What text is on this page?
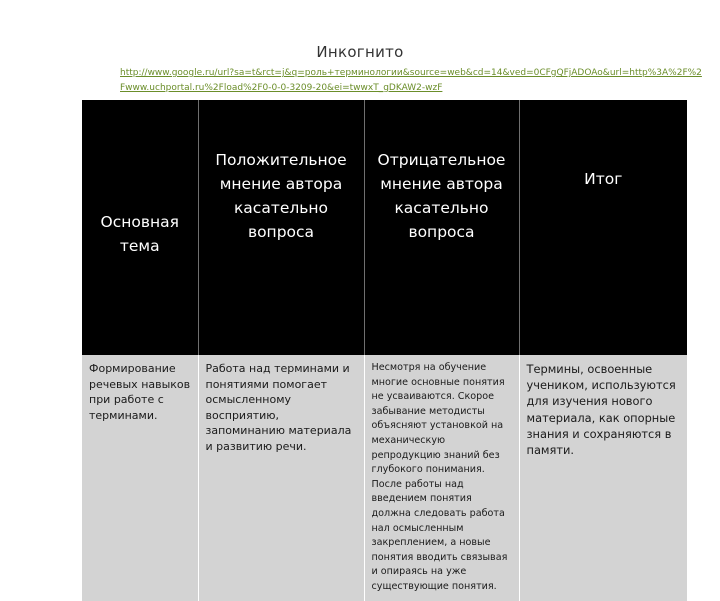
Инкогнито
http://www.google.ru/url?sa=t&rct=j&q=роль+терминологии&source=web&cd=14&ved=0CFgQFjADOAo&url=http%3A%2F%2Fwww.uchportal.ru%2Fload%2F0-0-0-3209-20&ei=twwxT_gDKAW2-wzF
Основная тема	Положительное мнение автора касательно вопроса	Отрицательное мнение автора касательно вопроса	Итог
Формирование речевых навыков при работе с терминами.	Работа над терминами и понятиями помогает осмысленному восприятию, запоминанию материала и развитию речи.	Несмотря на обучение многие основные понятия не усваиваются. Скорое забывание методисты объясняют установкой на механическую репродукцию знаний без глубокого понимания. После работы над введением понятия должна следовать работа нал осмысленным закреплением, а новые понятия вводить связывая и опираясь на уже существующие понятия.	Термины, освоенные учеником, используются для изучения нового материала, как опорные знания и сохраняются в памяти.
